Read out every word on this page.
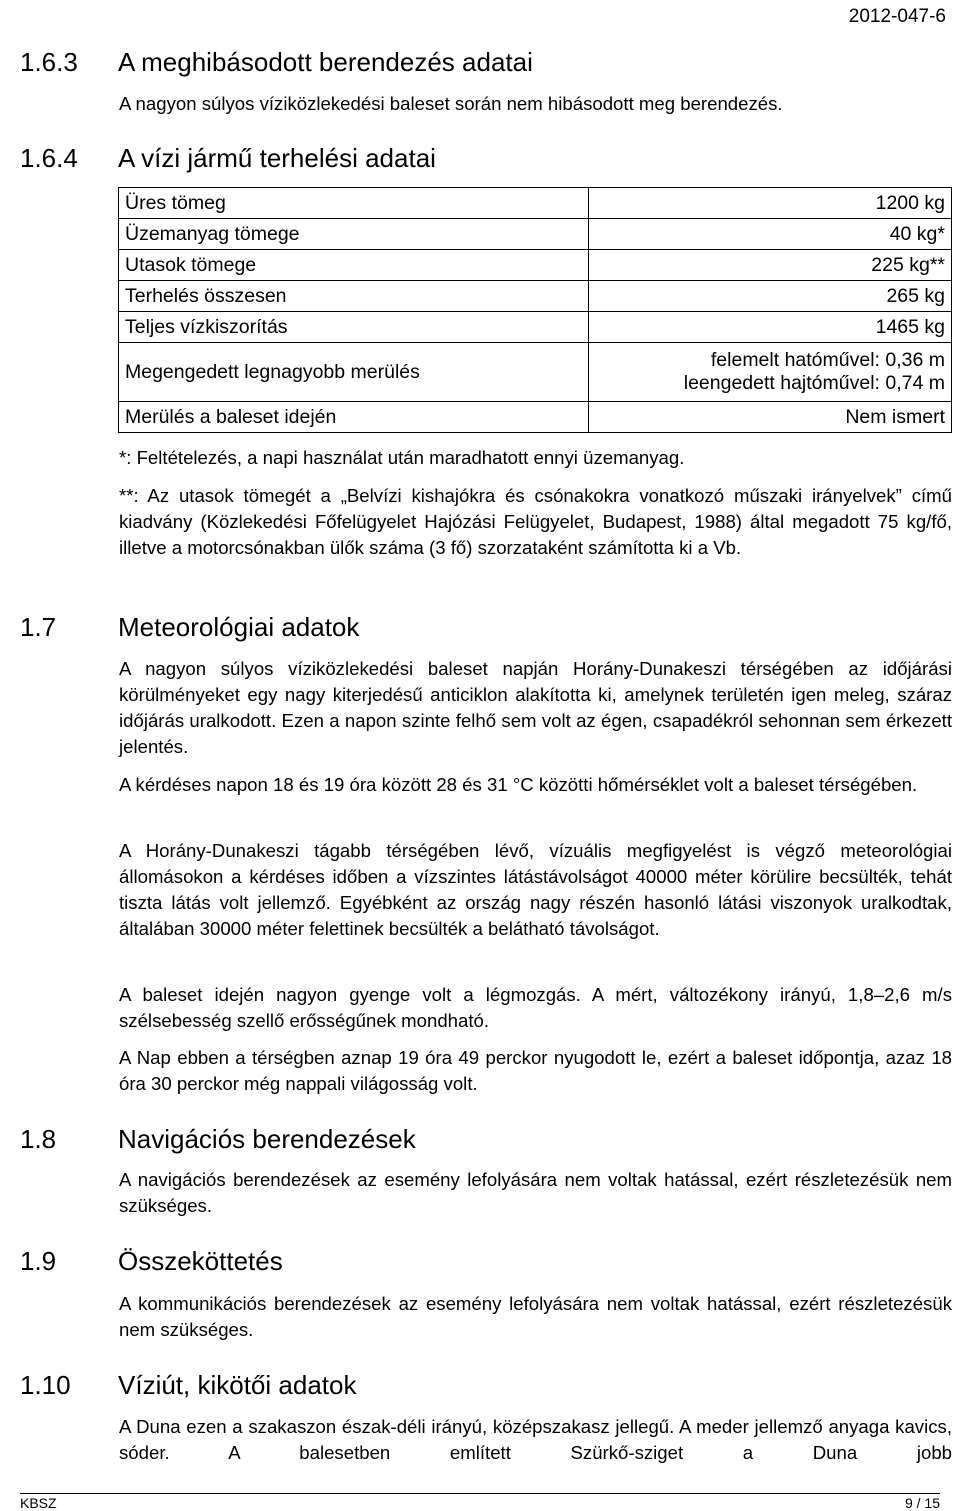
2012-047-6
1.6.3 A meghibásodott berendezés adatai

A nagyon súlyos víziközlekedési baleset során nem hibásodott meg berendezés.

1.6.4 A vízi jármű terhelési adatai
Üres tömeg	1200 kg
Üzemanyag tömege	40 kg*
Utasok tömege	225 kg**
Terhelés összesen	265 kg
Teljes vízkiszorítás	1465 kg
Megengedett legnagyobb merülés	felemelt hatóművel: 0,36 m
leengedett hajtóművel: 0,74 m

Merülés a baleset idején	Nem ismert

*: Feltételezés, a napi használat után maradhatott ennyi üzemanyag.

**: Az utasok tömegét a „Belvízi kishajókra és csónakokra vonatkozó műszaki irányelvek” című kiadvány (Közlekedési Főfelügyelet Hajózási Felügyelet, Budapest, 1988) által megadott 75 kg/fő, illetve a motorcsónakban ülők száma (3 fő) szorzataként számította ki a Vb.

1.7 Meteorológiai adatok

A nagyon súlyos víziközlekedési baleset napján Horány-Dunakeszi térségében az időjárási körülményeket egy nagy kiterjedésű anticiklon alakította ki, amelynek területén igen meleg, száraz időjárás uralkodott. Ezen a napon szinte felhő sem volt az égen, csapadékról sehonnan sem érkezett jelentés.

A kérdéses napon 18 és 19 óra között 28 és 31 °C közötti hőmérséklet volt a baleset térségében.

A Horány-Dunakeszi tágabb térségében lévő, vízuális megfigyelést is végző meteorológiai állomásokon a kérdéses időben a vízszintes látástávolságot 40000 méter körülire becsülték, tehát tiszta látás volt jellemző. Egyébként az ország nagy részén hasonló látási viszonyok uralkodtak, általában 30000 méter felettinek becsülték a belátható távolságot.

A baleset idején nagyon gyenge volt a légmozgás. A mért, változékony irányú, 1,8–2,6 m/s szélsebesség szellő erősségűnek mondható.

A Nap ebben a térségben aznap 19 óra 49 perckor nyugodott le, ezért a baleset időpontja, azaz 18 óra 30 perckor még nappali világosság volt.

1.8 Navigációs berendezések

A navigációs berendezések az esemény lefolyására nem voltak hatással, ezért részletezésük nem szükséges.

1.9 Összeköttetés

A kommunikációs berendezések az esemény lefolyására nem voltak hatással, ezért részletezésük nem szükséges.

1.10 Víziút, kikötői adatok

A Duna ezen a szakaszon észak-déli irányú, középszakasz jellegű. A meder jellemző anyaga kavics, sóder. A balesetben említett Szürkő-sziget a Duna jobb

KBSZ	9 / 15
